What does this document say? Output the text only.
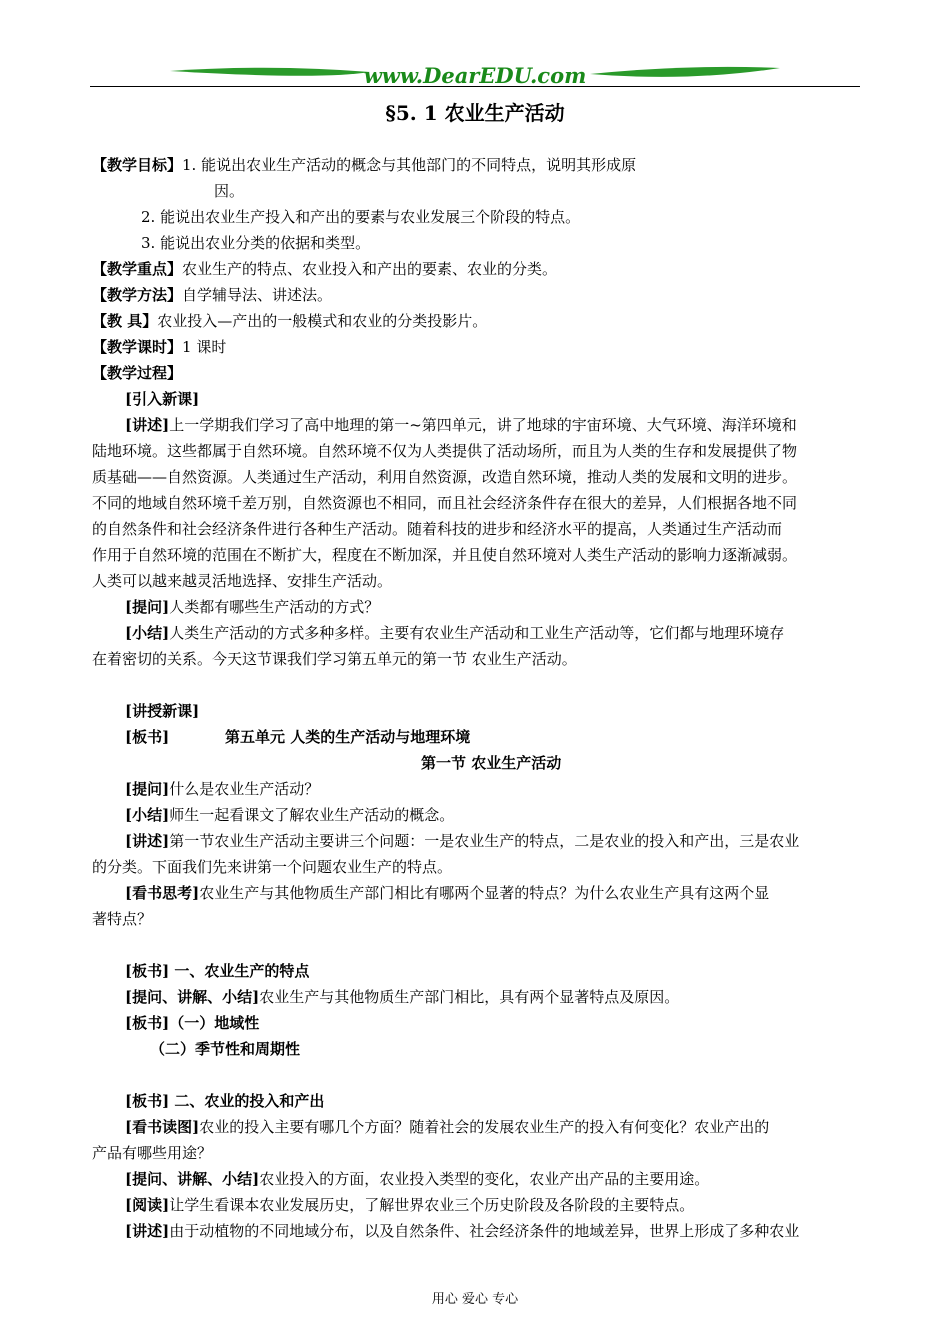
www.DearEDU.com
§5. 1 农业生产活动
【教学目标】1. 能说出农业生产活动的概念与其他部门的不同特点，说明其形成原
因。
2. 能说出农业生产投入和产出的要素与农业发展三个阶段的特点。
3. 能说出农业分类的依据和类型。
【教学重点】农业生产的特点、农业投入和产出的要素、农业的分类。
【教学方法】自学辅导法、讲述法。
【教 具】农业投入—产出的一般模式和农业的分类投影片。
【教学课时】1 课时
【教学过程】
[引入新课]
[讲述]上一学期我们学习了高中地理的第一~第四单元，讲了地球的宇宙环境、大气环境、海洋环境和
陆地环境。这些都属于自然环境。自然环境不仅为人类提供了活动场所，而且为人类的生存和发展提供了物
质基础——自然资源。人类通过生产活动，利用自然资源，改造自然环境，推动人类的发展和文明的进步。
不同的地域自然环境千差万别，自然资源也不相同，而且社会经济条件存在很大的差异，人们根据各地不同
的自然条件和社会经济条件进行各种生产活动。随着科技的进步和经济水平的提高，人类通过生产活动而
作用于自然环境的范围在不断扩大，程度在不断加深，并且使自然环境对人类生产活动的影响力逐渐减弱。
人类可以越来越灵活地选择、安排生产活动。
[提问]人类都有哪些生产活动的方式？
[小结]人类生产活动的方式多种多样。主要有农业生产活动和工业生产活动等，它们都与地理环境存
在着密切的关系。今天这节课我们学习第五单元的第一节 农业生产活动。
[讲授新课]
[板书]	第五单元 人类的生产活动与地理环境
第一节 农业生产活动
[提问]什么是农业生产活动？
[小结]师生一起看课文了解农业生产活动的概念。
[讲述]第一节农业生产活动主要讲三个问题：一是农业生产的特点，二是农业的投入和产出，三是农业
的分类。下面我们先来讲第一个问题农业生产的特点。
[看书思考]农业生产与其他物质生产部门相比有哪两个显著的特点？为什么农业生产具有这两个显
著特点？
[板书] 一、农业生产的特点
[提问、讲解、小结]农业生产与其他物质生产部门相比，具有两个显著特点及原因。
[板书]（一）地域性
（二）季节性和周期性
[板书] 二、农业的投入和产出
[看书读图]农业的投入主要有哪几个方面？随着社会的发展农业生产的投入有何变化？农业产出的
产品有哪些用途？
[提问、讲解、小结]农业投入的方面，农业投入类型的变化，农业产出产品的主要用途。
[阅读]让学生看课本农业发展历史，了解世界农业三个历史阶段及各阶段的主要特点。
[讲述]由于动植物的不同地域分布，以及自然条件、社会经济条件的地域差异，世界上形成了多种农业
用心 爱心 专心
